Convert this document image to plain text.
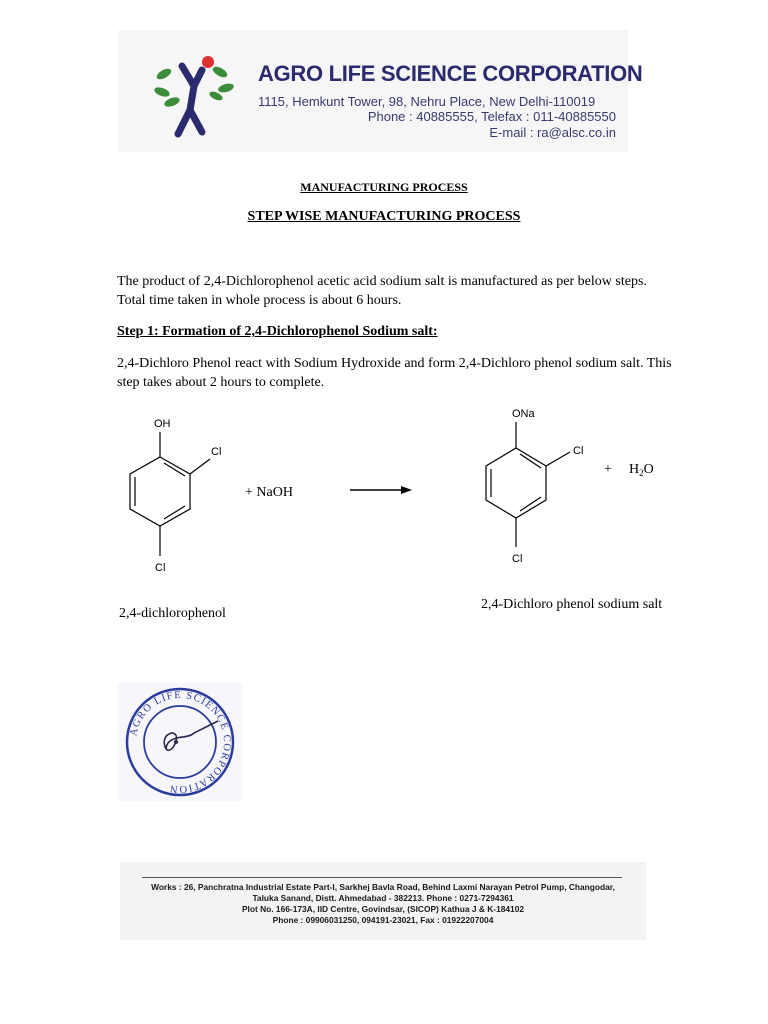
AGRO LIFE SCIENCE CORPORATION
1115, Hemkunt Tower, 98, Nehru Place, New Delhi-110019
Phone : 40885555, Telefax : 011-40885550
E-mail : ra@alsc.co.in
MANUFACTURING PROCESS
STEP WISE MANUFACTURING PROCESS
The product of 2,4-Dichlorophenol acetic acid sodium salt is manufactured as per below steps. Total time taken in whole process is about 6 hours.
Step 1: Formation of 2,4-Dichlorophenol Sodium salt:
2,4-Dichloro Phenol react with Sodium Hydroxide and form 2,4-Dichloro phenol sodium salt. This step takes about 2 hours to complete.
OH
Cl
Cl
+ NaOH
ONa
Cl
Cl
+ $H_2O$
2,4-dichlorophenol
2,4-Dichloro phenol sodium salt
AGRO LIFE SCIENCE CORPORATION
Works : 26, Panchratna Industrial Estate Part-I, Sarkhej Bavla Road, Behind Laxmi Narayan Petrol Pump, Changodar,
Taluka Sanand, Distt. Ahmedabad - 382213. Phone : 0271-7294361
Plot No. 166-173A, IID Centre, Govindsar, (SICOP) Kathua J & K-184102
Phone : 09906031250, 094191-23021, Fax : 01922207004
